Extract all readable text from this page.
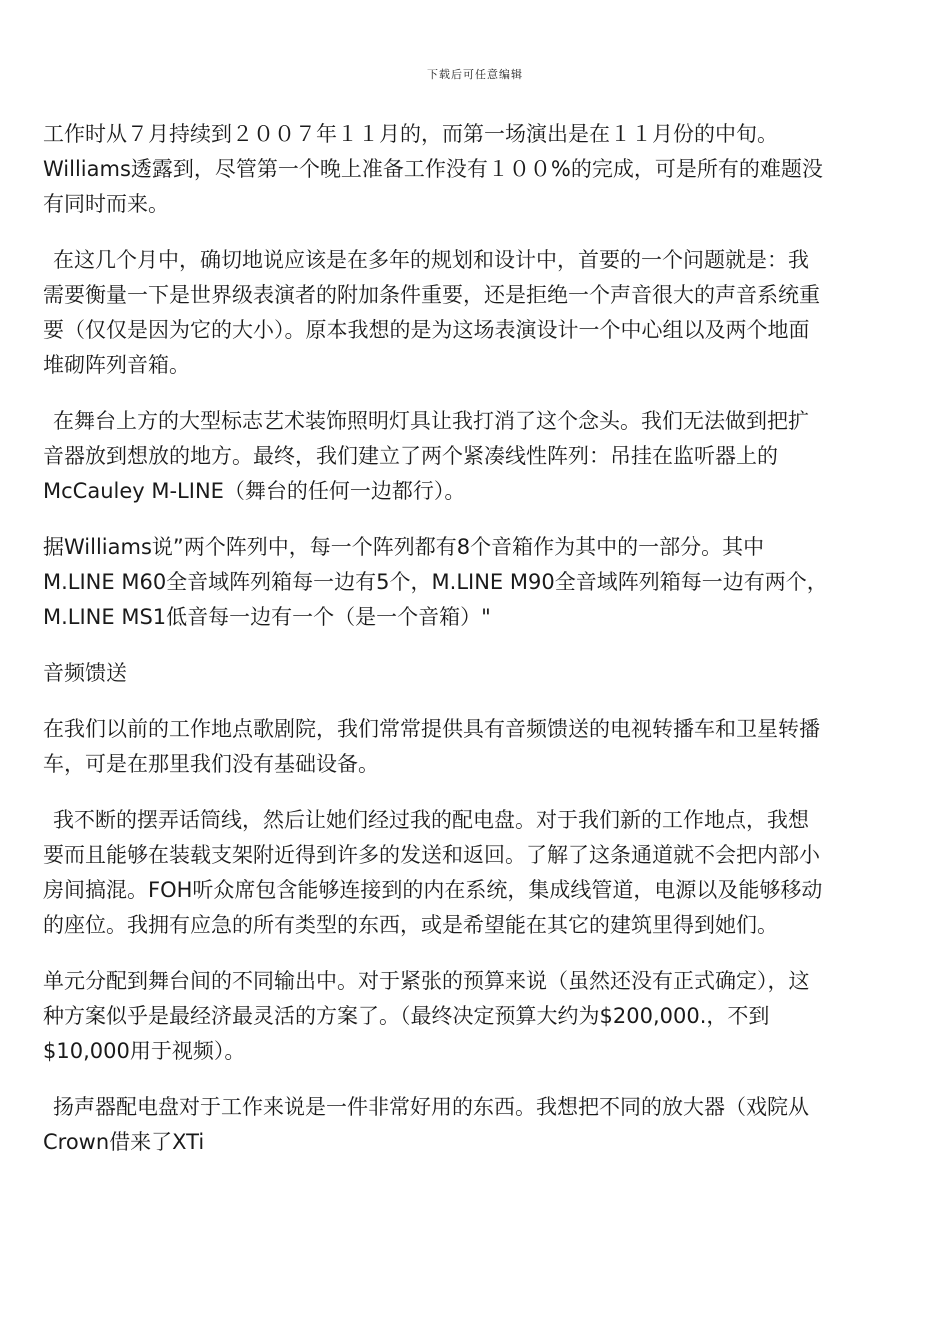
下载后可任意编辑

工作时从７月持续到２００７年１１月的，而第一场演出是在１１月份的中旬。
Williams透露到，尽管第一个晚上准备工作没有１００%的完成，可是所有的难题没
有同时而来。

在这几个月中，确切地说应该是在多年的规划和设计中，首要的一个问题就是：我
需要衡量一下是世界级表演者的附加条件重要，还是拒绝一个声音很大的声音系统重
要（仅仅是因为它的大小）。原本我想的是为这场表演设计一个中心组以及两个地面
堆砌阵列音箱。

在舞台上方的大型标志艺术装饰照明灯具让我打消了这个念头。我们无法做到把扩
音器放到想放的地方。最终，我们建立了两个紧凑线性阵列：吊挂在监听器上的
McCauley M-LINE（舞台的任何一边都行）。

据Williams说”两个阵列中，每一个阵列都有8个音箱作为其中的一部分。其中
M.LINE M60全音域阵列箱每一边有5个，M.LINE M90全音域阵列箱每一边有两个，
M.LINE MS1低音每一边有一个（是一个音箱）"

音频馈送

在我们以前的工作地点歌剧院，我们常常提供具有音频馈送的电视转播车和卫星转播
车，可是在那里我们没有基础设备。

我不断的摆弄话筒线，然后让她们经过我的配电盘。对于我们新的工作地点，我想
要而且能够在装载支架附近得到许多的发送和返回。了解了这条通道就不会把内部小
房间搞混。FOH听众席包含能够连接到的内在系统，集成线管道，电源以及能够移动
的座位。我拥有应急的所有类型的东西，或是希望能在其它的建筑里得到她们。

单元分配到舞台间的不同输出中。对于紧张的预算来说（虽然还没有正式确定），这
种方案似乎是最经济最灵活的方案了。（最终决定预算大约为$200,000.，不到
$10,000用于视频）。

扬声器配电盘对于工作来说是一件非常好用的东西。我想把不同的放大器（戏院从
Crown借来了XTi
